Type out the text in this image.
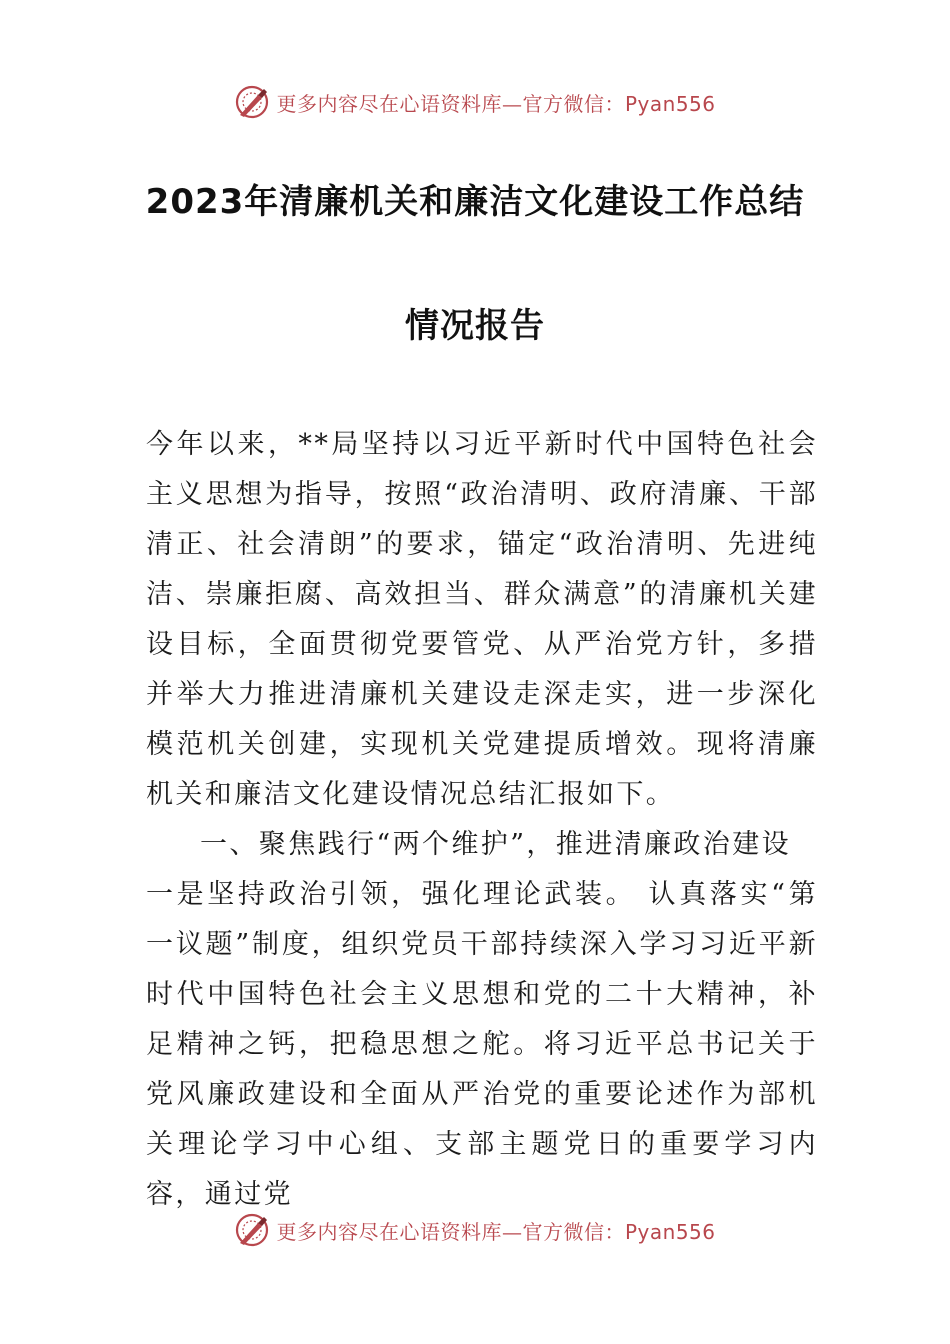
更多内容尽在心语资料库—官方微信：Pyan556
2023年清廉机关和廉洁文化建设工作总结
情况报告

今年以来，**局坚持以习近平新时代中国特色社会主义思想为指导，按照“政治清明、政府清廉、干部清正、社会清朗”的要求，锚定“政治清明、先进纯洁、崇廉拒腐、高效担当、群众满意”的清廉机关建设目标，全面贯彻党要管党、从严治党方针，多措并举大力推进清廉机关建设走深走实，进一步深化模范机关创建，实现机关党建提质增效。现将清廉机关和廉洁文化建设情况总结汇报如下。

一、聚焦践行“两个维护”，推进清廉政治建设

一是坚持政治引领，强化理论武装。 认真落实“第一议题”制度，组织党员干部持续深入学习习近平新时代中国特色社会主义思想和党的二十大精神，补足精神之钙，把稳思想之舵。将习近平总书记关于党风廉政建设和全面从严治党的重要论述作为部机关理论学习中心组、支部主题党日的重要学习内容，通过党

更多内容尽在心语资料库—官方微信：Pyan556
